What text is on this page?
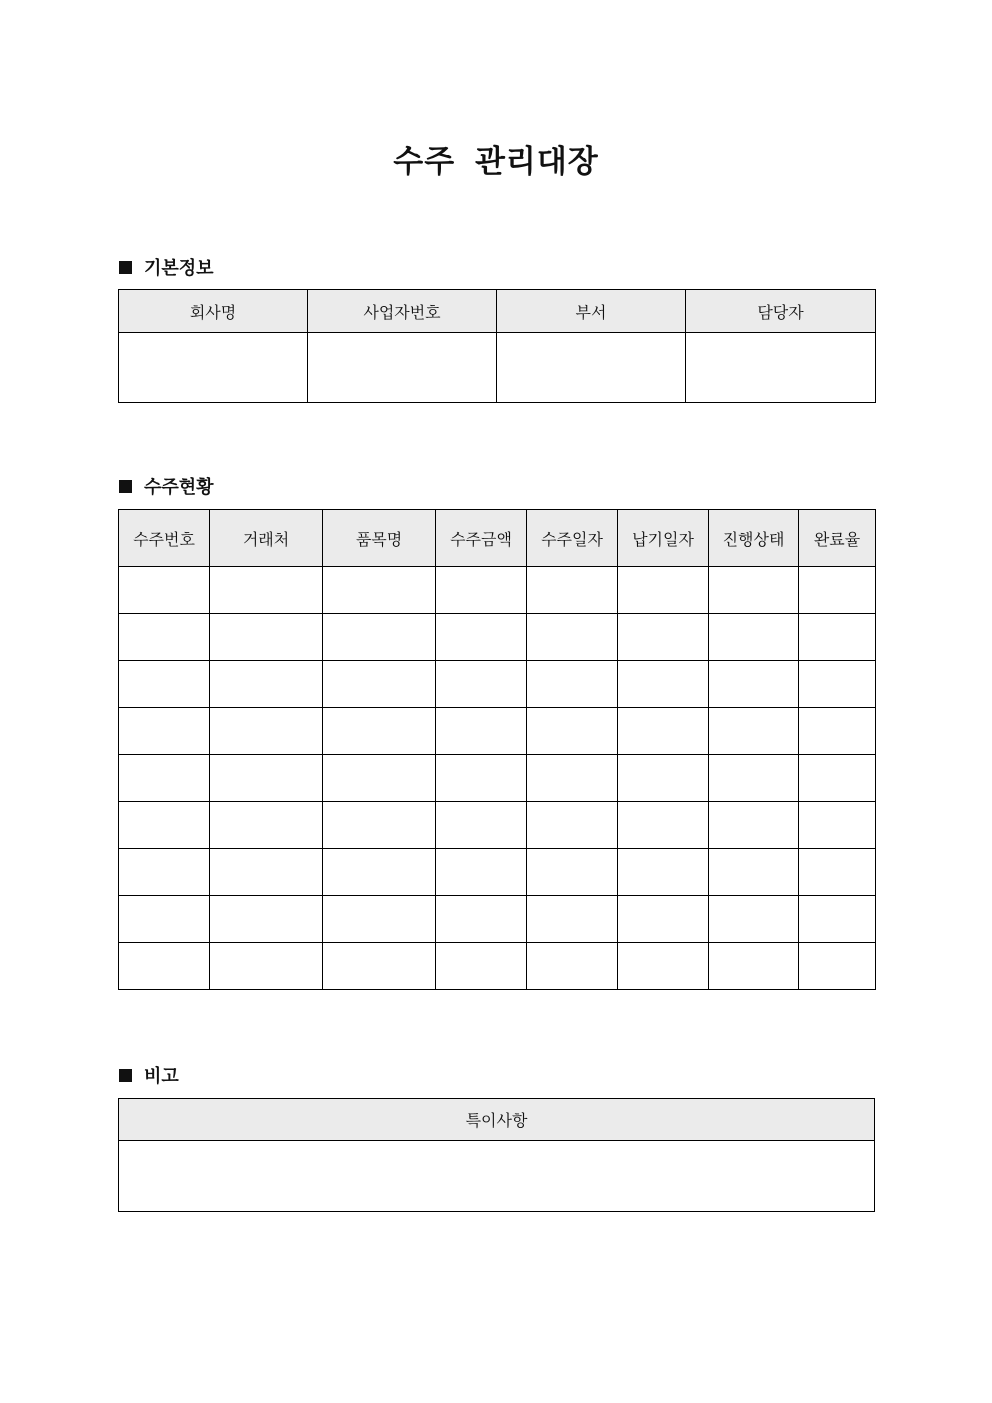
수주 관리대장
기본정보
회사명	사업자번호	부서	담당자

수주현황
수주번호	거래처	품목명	수주금액	수주일자	납기일자	진행상태	완료율

비고
특이사항
